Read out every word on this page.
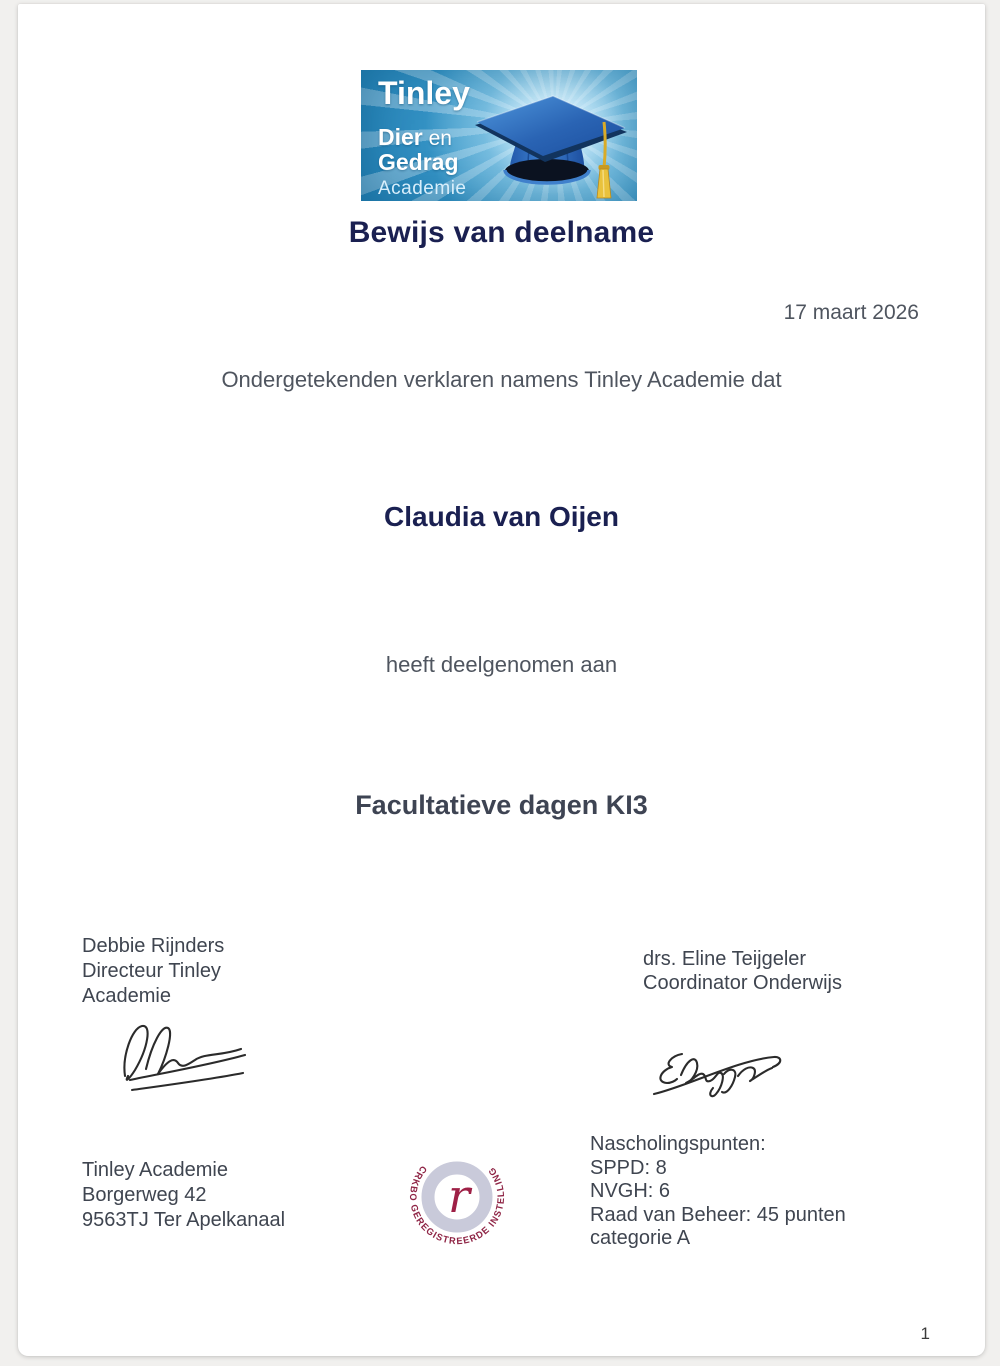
Tinley
Dier en
Gedrag
Academie
Bewijs van deelname
17 maart 2026
Ondergetekenden verklaren namens Tinley Academie dat
Claudia van Oijen
heeft deelgenomen aan
Facultatieve dagen KI3
Debbie Rijnders
Directeur Tinley
Academie
drs. Eline Teijgeler
Coordinator Onderwijs
Tinley Academie
Borgerweg 42
9563TJ Ter Apelkanaal	r
CRKBO GEREGISTREERDE INSTELLING
Nascholingspunten:
SPPD: 8
NVGH: 6
Raad van Beheer: 45 punten
categorie A
1
